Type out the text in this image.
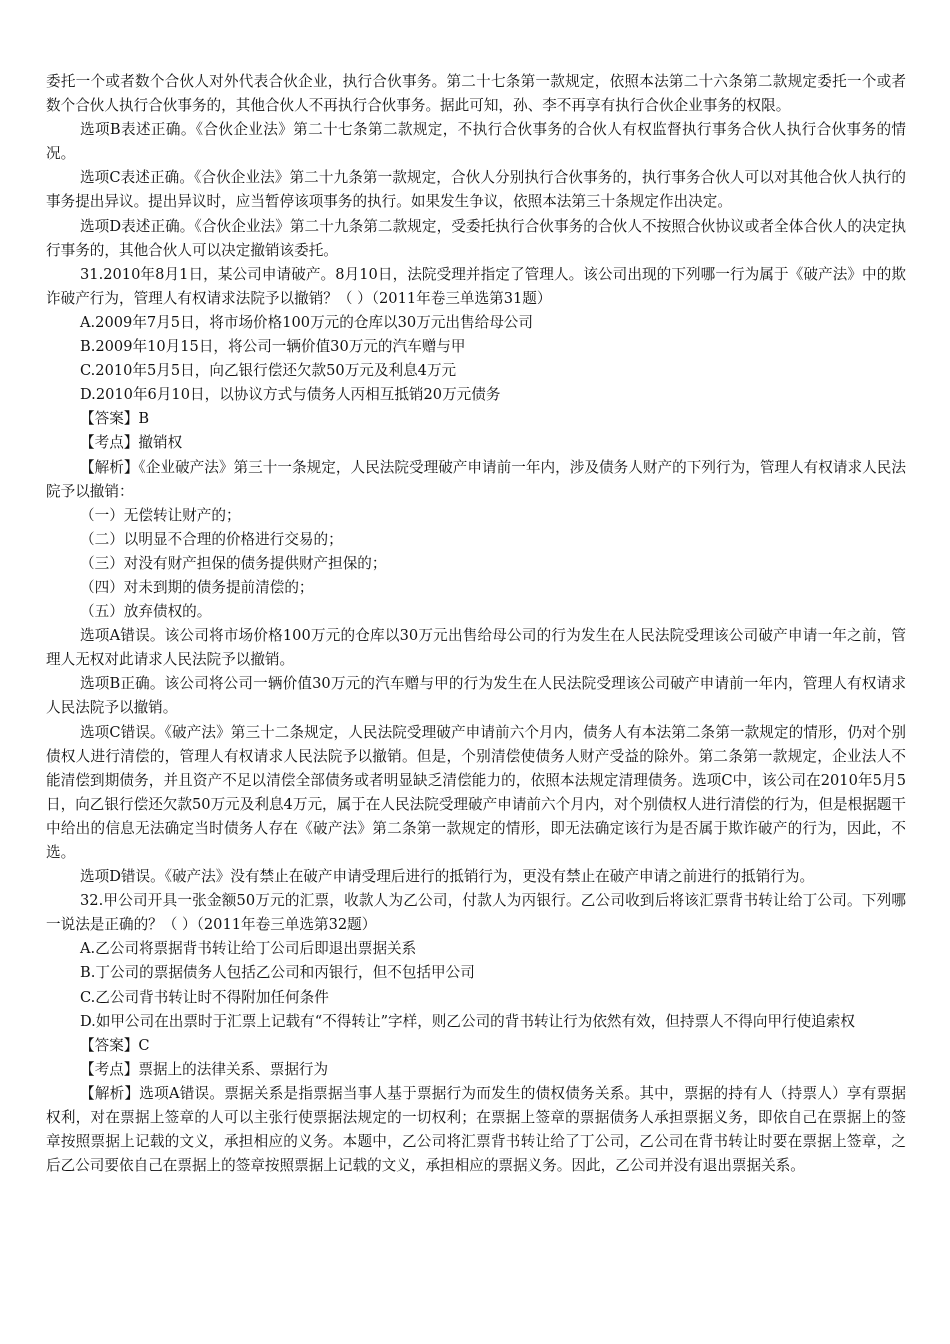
委托一个或者数个合伙人对外代表合伙企业，执行合伙事务。第二十七条第一款规定，依照本法第二十六条第二款规定委托一个或者数个合伙人执行合伙事务的，其他合伙人不再执行合伙事务。据此可知，孙、李不再享有执行合伙企业事务的权限。

选项B表述正确。《合伙企业法》第二十七条第二款规定，不执行合伙事务的合伙人有权监督执行事务合伙人执行合伙事务的情况。

选项C表述正确。《合伙企业法》第二十九条第一款规定，合伙人分别执行合伙事务的，执行事务合伙人可以对其他合伙人执行的事务提出异议。提出异议时，应当暂停该项事务的执行。如果发生争议，依照本法第三十条规定作出决定。

选项D表述正确。《合伙企业法》第二十九条第二款规定，受委托执行合伙事务的合伙人不按照合伙协议或者全体合伙人的决定执行事务的，其他合伙人可以决定撤销该委托。

31.2010年8月1日，某公司申请破产。8月10日，法院受理并指定了管理人。该公司出现的下列哪一行为属于《破产法》中的欺诈破产行为，管理人有权请求法院予以撤销？（ ）（2011年卷三单选第31题）

A.2009年7月5日，将市场价格100万元的仓库以30万元出售给母公司

B.2009年10月15日，将公司一辆价值30万元的汽车赠与甲

C.2010年5月5日，向乙银行偿还欠款50万元及利息4万元

D.2010年6月10日，以协议方式与债务人丙相互抵销20万元债务

【答案】B

【考点】撤销权

【解析】《企业破产法》第三十一条规定，人民法院受理破产申请前一年内，涉及债务人财产的下列行为，管理人有权请求人民法院予以撤销：

（一）无偿转让财产的；

（二）以明显不合理的价格进行交易的；

（三）对没有财产担保的债务提供财产担保的；

（四）对未到期的债务提前清偿的；

（五）放弃债权的。

选项A错误。该公司将市场价格100万元的仓库以30万元出售给母公司的行为发生在人民法院受理该公司破产申请一年之前，管理人无权对此请求人民法院予以撤销。

选项B正确。该公司将公司一辆价值30万元的汽车赠与甲的行为发生在人民法院受理该公司破产申请前一年内，管理人有权请求人民法院予以撤销。

选项C错误。《破产法》第三十二条规定，人民法院受理破产申请前六个月内，债务人有本法第二条第一款规定的情形，仍对个别债权人进行清偿的，管理人有权请求人民法院予以撤销。但是，个别清偿使债务人财产受益的除外。第二条第一款规定，企业法人不能清偿到期债务，并且资产不足以清偿全部债务或者明显缺乏清偿能力的，依照本法规定清理债务。选项C中，该公司在2010年5月5日，向乙银行偿还欠款50万元及利息4万元，属于在人民法院受理破产申请前六个月内，对个别债权人进行清偿的行为，但是根据题干中给出的信息无法确定当时债务人存在《破产法》第二条第一款规定的情形，即无法确定该行为是否属于欺诈破产的行为，因此，不选。

选项D错误。《破产法》没有禁止在破产申请受理后进行的抵销行为，更没有禁止在破产申请之前进行的抵销行为。

32.甲公司开具一张金额50万元的汇票，收款人为乙公司，付款人为丙银行。乙公司收到后将该汇票背书转让给丁公司。下列哪一说法是正确的？（ ）（2011年卷三单选第32题）

A.乙公司将票据背书转让给丁公司后即退出票据关系

B.丁公司的票据债务人包括乙公司和丙银行，但不包括甲公司

C.乙公司背书转让时不得附加任何条件

D.如甲公司在出票时于汇票上记载有“不得转让”字样，则乙公司的背书转让行为依然有效，但持票人不得向甲行使追索权

【答案】C

【考点】票据上的法律关系、票据行为

【解析】选项A错误。票据关系是指票据当事人基于票据行为而发生的债权债务关系。其中，票据的持有人（持票人）享有票据权利，对在票据上签章的人可以主张行使票据法规定的一切权利；在票据上签章的票据债务人承担票据义务，即依自己在票据上的签章按照票据上记载的文义，承担相应的义务。本题中，乙公司将汇票背书转让给了丁公司，乙公司在背书转让时要在票据上签章，之后乙公司要依自己在票据上的签章按照票据上记载的文义，承担相应的票据义务。因此，乙公司并没有退出票据关系。
